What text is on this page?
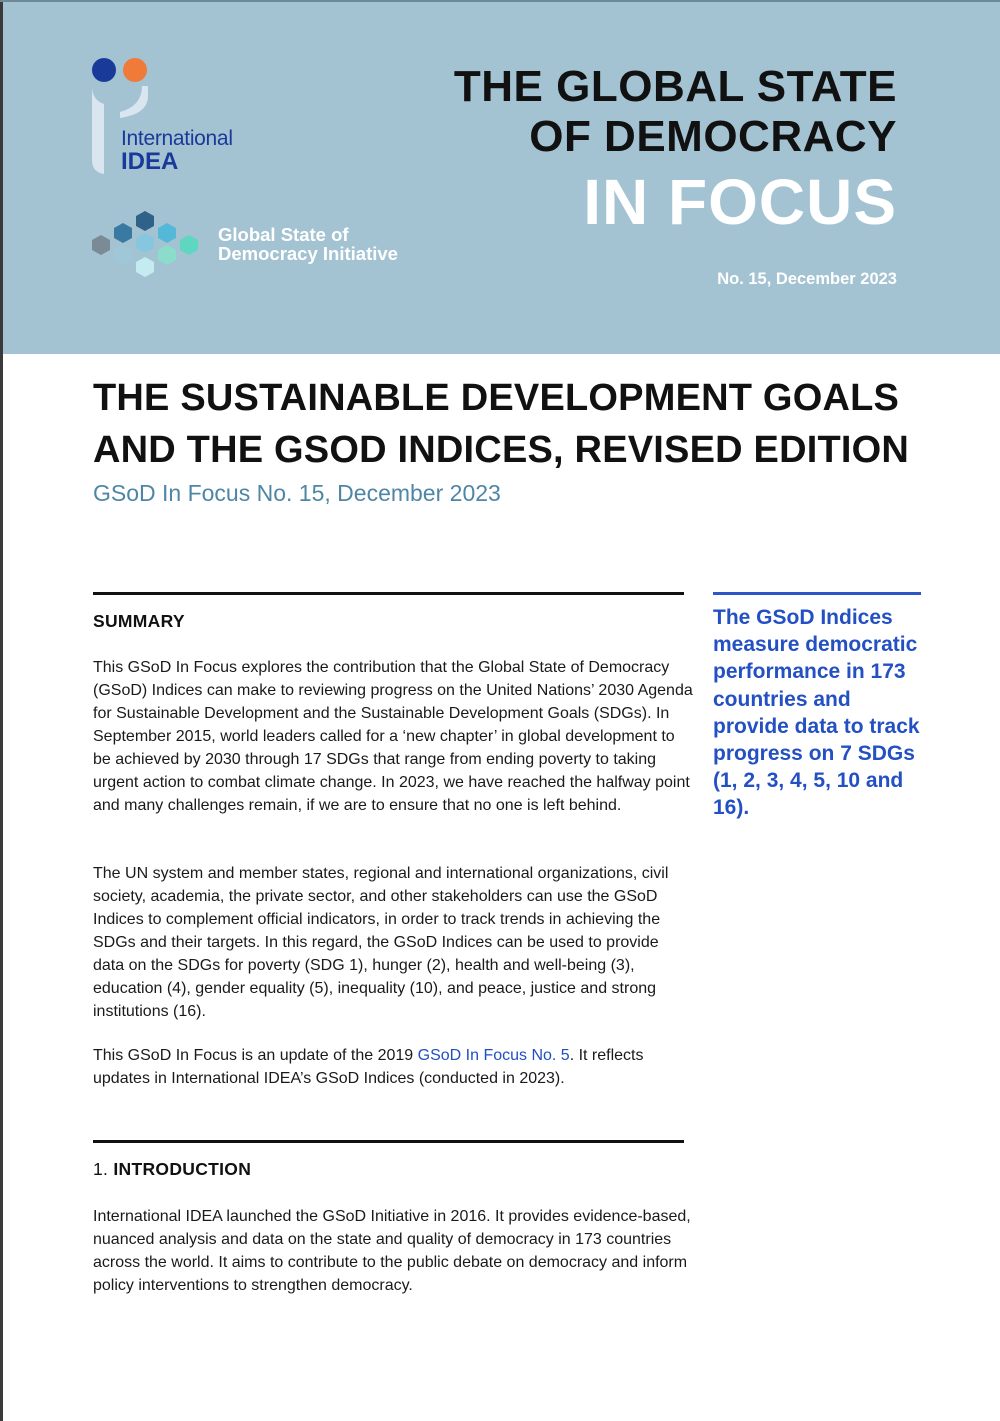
International
IDEA
Global State of
Democracy Initiative
THE GLOBAL STATE
OF DEMOCRACY
IN FOCUS
No. 15, December 2023
THE SUSTAINABLE DEVELOPMENT GOALS
AND THE GSOD INDICES, REVISED EDITION
GSoD In Focus No. 15, December 2023
SUMMARY

This GSoD In Focus explores the contribution that the Global State of Democracy (GSoD) Indices can make to reviewing progress on the United Nations’ 2030 Agenda for Sustainable Development and the Sustainable Development Goals (SDGs). In September 2015, world leaders called for a ‘new chapter’ in global development to be achieved by 2030 through 17 SDGs that range from ending poverty to taking urgent action to combat climate change. In 2023, we have reached the halfway point and many challenges remain, if we are to ensure that no one is left behind.

The UN system and member states, regional and international organizations, civil society, academia, the private sector, and other stakeholders can use the GSoD Indices to complement official indicators, in order to track trends in achieving the SDGs and their targets. In this regard, the GSoD Indices can be used to provide data on the SDGs for poverty (SDG 1), hunger (2), health and well-being (3), education (4), gender equality (5), inequality (10), and peace, justice and strong institutions (16).

This GSoD In Focus is an update of the 2019 GSoD In Focus No. 5. It reflects updates in International IDEA’s GSoD Indices (conducted in 2023).

1. INTRODUCTION

International IDEA launched the GSoD Initiative in 2016. It provides evidence-based, nuanced analysis and data on the state and quality of democracy in 173 countries across the world. It aims to contribute to the public debate on democracy and inform policy interventions to strengthen democracy.

The GSoD Indices measure democratic performance in 173 countries and provide data to track progress on 7 SDGs (1, 2, 3, 4, 5, 10 and 16).
